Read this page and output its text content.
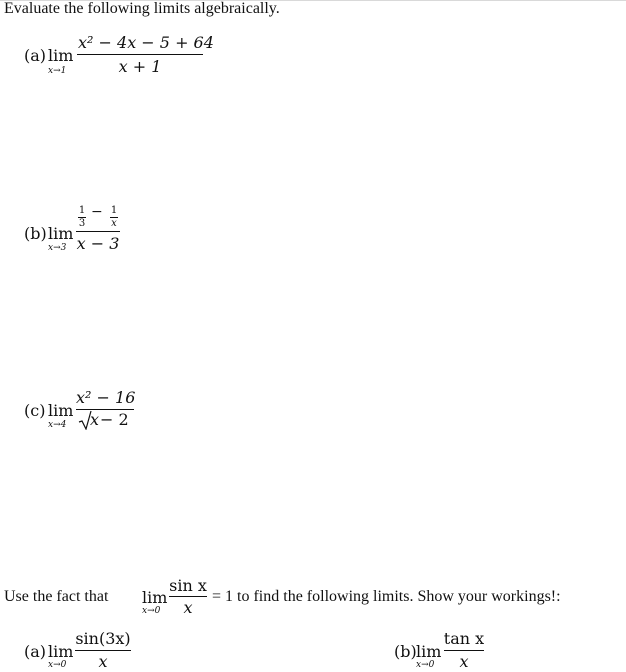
Evaluate the following limits algebraically.
(a) lim
x→1
x² − 4x − 5 + 64
x + 1
(b) lim
x→3
1
3
− 1
x
x − 3
(c) lim
x→4
x² − 16
x − 2
Use the fact that lim
x→0
sin x
x
= 1 to find the following limits. Show your workings!:
(a) lim
x→0
sin(3x)
x
(b) lim
x→0
tan x
x
